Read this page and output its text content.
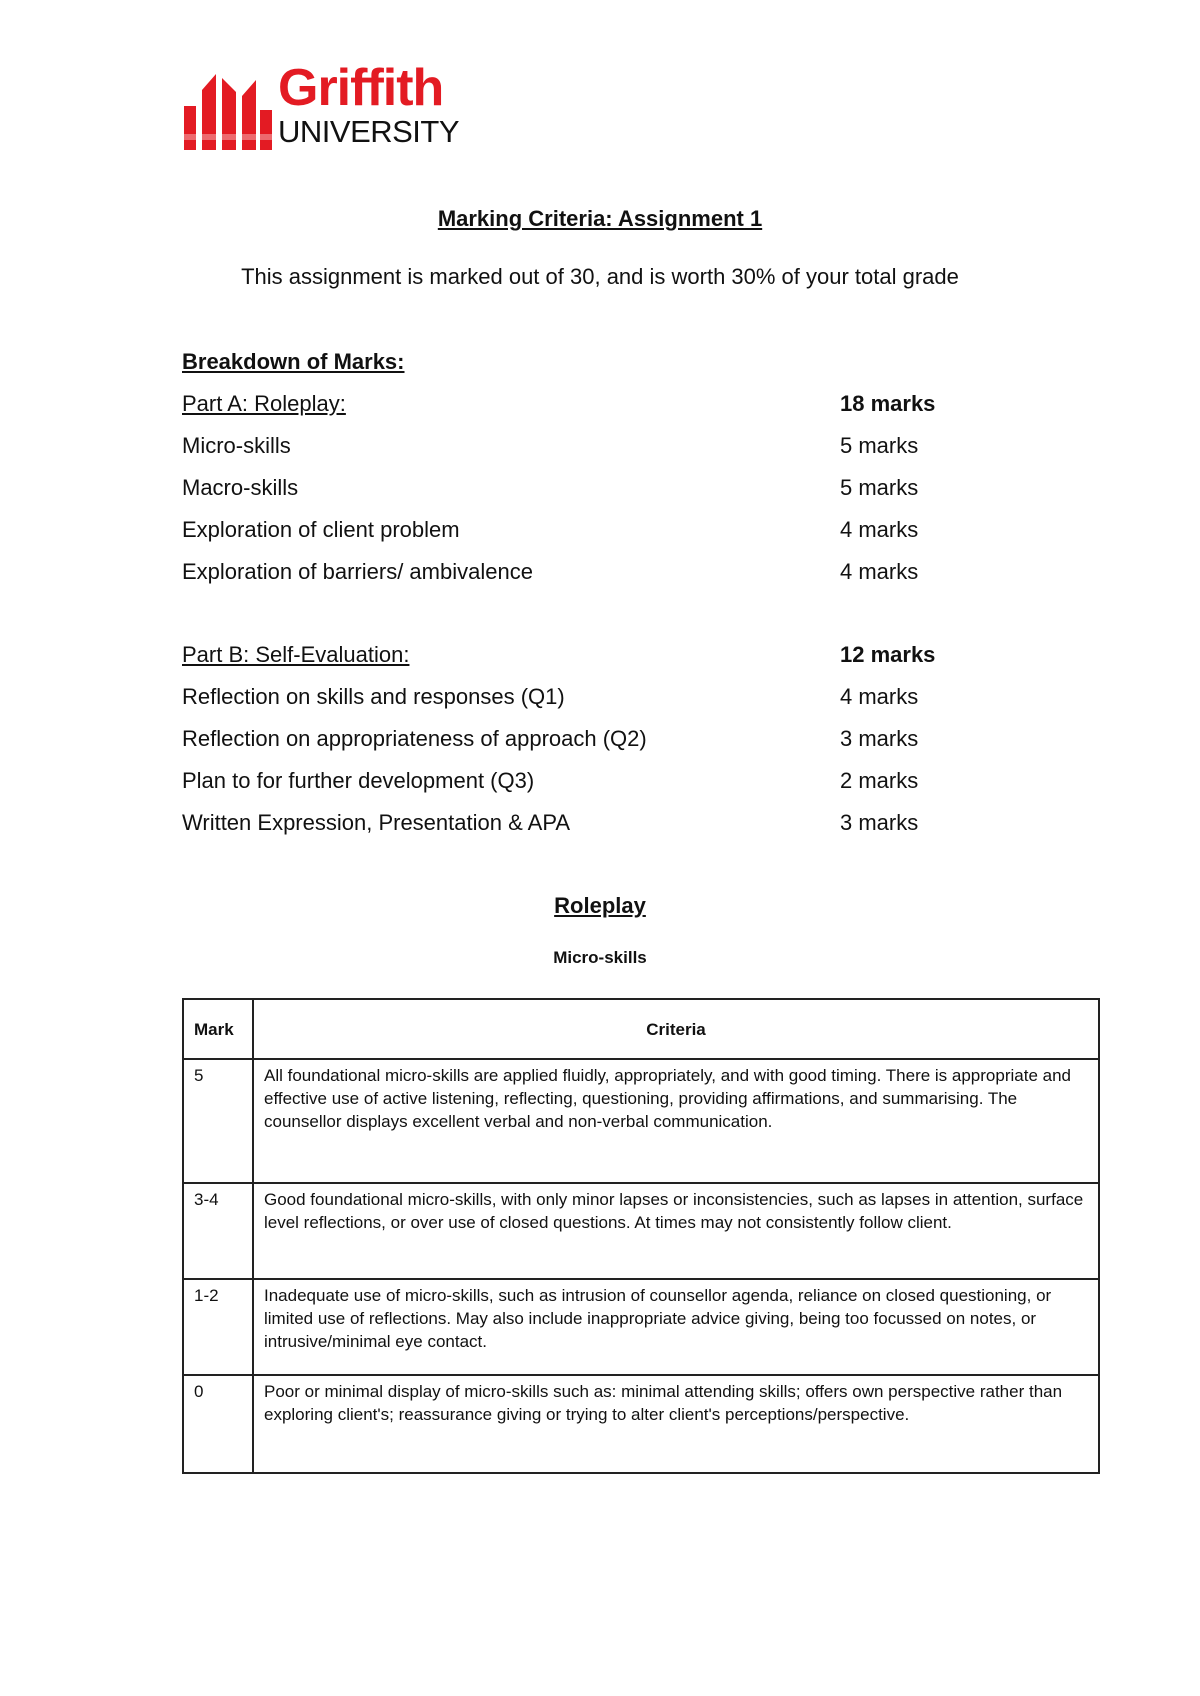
Griffith
UNIVERSITY
Marking Criteria: Assignment 1
This assignment is marked out of 30, and is worth 30% of your total grade
Breakdown of Marks:
Part A: Roleplay:	18 marks
Micro-skills	5 marks
Macro-skills	5 marks
Exploration of client problem	4 marks
Exploration of barriers/ ambivalence	4 marks
Part B: Self-Evaluation:	12 marks
Reflection on skills and responses (Q1)	4 marks
Reflection on appropriateness of approach (Q2)	3 marks
Plan to for further development (Q3)	2 marks
Written Expression, Presentation & APA	3 marks
Roleplay
Micro-skills
Mark	Criteria
5	All foundational micro-skills are applied fluidly, appropriately, and with good timing. There is appropriate and effective use of active listening, reflecting, questioning, providing affirmations, and summarising. The counsellor displays excellent verbal and non-verbal communication.
3-4	Good foundational micro-skills, with only minor lapses or inconsistencies, such as lapses in attention, surface level reflections, or over use of closed questions. At times may not consistently follow client.
1-2	Inadequate use of micro-skills, such as intrusion of counsellor agenda, reliance on closed questioning, or limited use of reflections. May also include inappropriate advice giving, being too focussed on notes, or intrusive/minimal eye contact.
0	Poor or minimal display of micro-skills such as: minimal attending skills; offers own perspective rather than exploring client's; reassurance giving or trying to alter client's perceptions/perspective.
